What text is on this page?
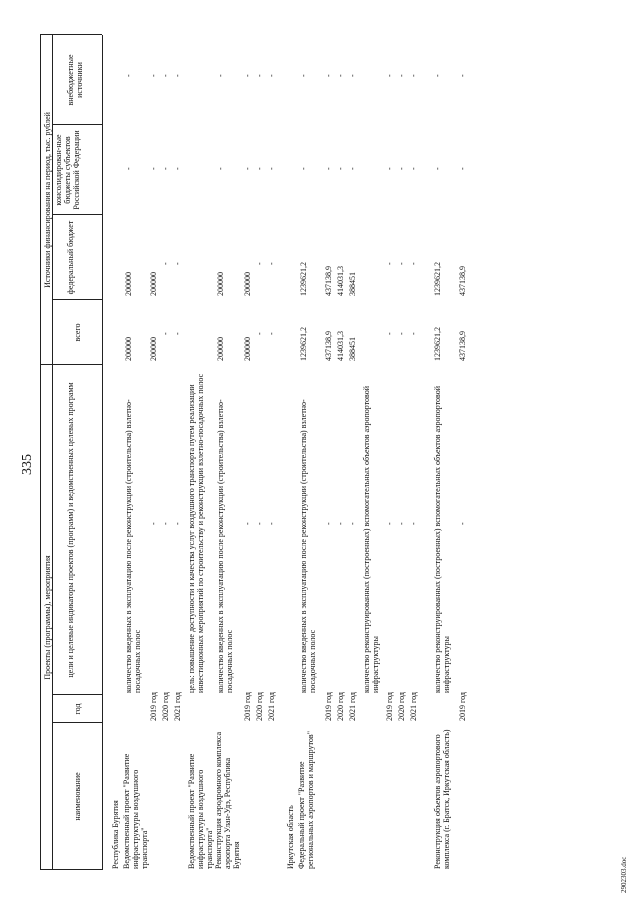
335
Проекты (программы), мероприятия
Источники финансирования на период, тыс. рублей
наименование
год
цели и целевые индикаторы проектов (программ) и ведомственных целевых программ
всего
федеральный бюджет
консолидирован-ные бюджеты субъектов Российской Федерации
внебюджетные источники
Республика Бурятия Ведомственный проект "Развитие инфраструктуры воздушного транспорта"
количество введенных в эксплуатацию после реконструкции (строительства) взлетно-посадочных полос
200000
200000
-
-
2019 год
-
200000
200000
-
-
2020 год
-
-
-
-
-
2021 год
-
-
-
-
-
Ведомственный проект "Развитие инфраструктуры воздушного транспорта"
цель: повышение доступности и качества услуг воздушного транспорта путем реализации инвестиционных мероприятий по строительству и реконструкции взлетно-посадочных полос
Реконструкция аэродромного комплекса аэропорта Улан-Удэ, Республика Бурятия
количество введенных в эксплуатацию после реконструкции (строительства) взлетно-посадочных полос
200000
200000
-
-
2019 год
-
200000
200000
-
-
2020 год
-
-
-
-
-
2021 год
-
-
-
-
-
Иркутская область Федеральный проект "Развитие региональных аэропортов и маршрутов"
количество введенных в эксплуатацию после реконструкции (строительства) взлетно-посадочных полос
1239621,2
1239621,2
-
-
2019 год
-
437138,9
437138,9
-
-
2020 год
-
414031,3
414031,3
-
-
2021 год
-
388451
388451
-
-
количество реконструированных (построенных) вспомогательных объектов аэропортовой инфраструктуры
2019 год
-
-
-
-
-
2020 год
-
-
-
-
-
2021 год
-
-
-
-
-
Реконструкция объектов аэропортового комплекса (г. Братск, Иркутская область)
количество реконструированных (построенных) вспомогательных объектов аэропортовой инфраструктуры
1239621,2
1239621,2
-
-
2019 год
-
437138,9
437138,9
-
-
2902303.doc
